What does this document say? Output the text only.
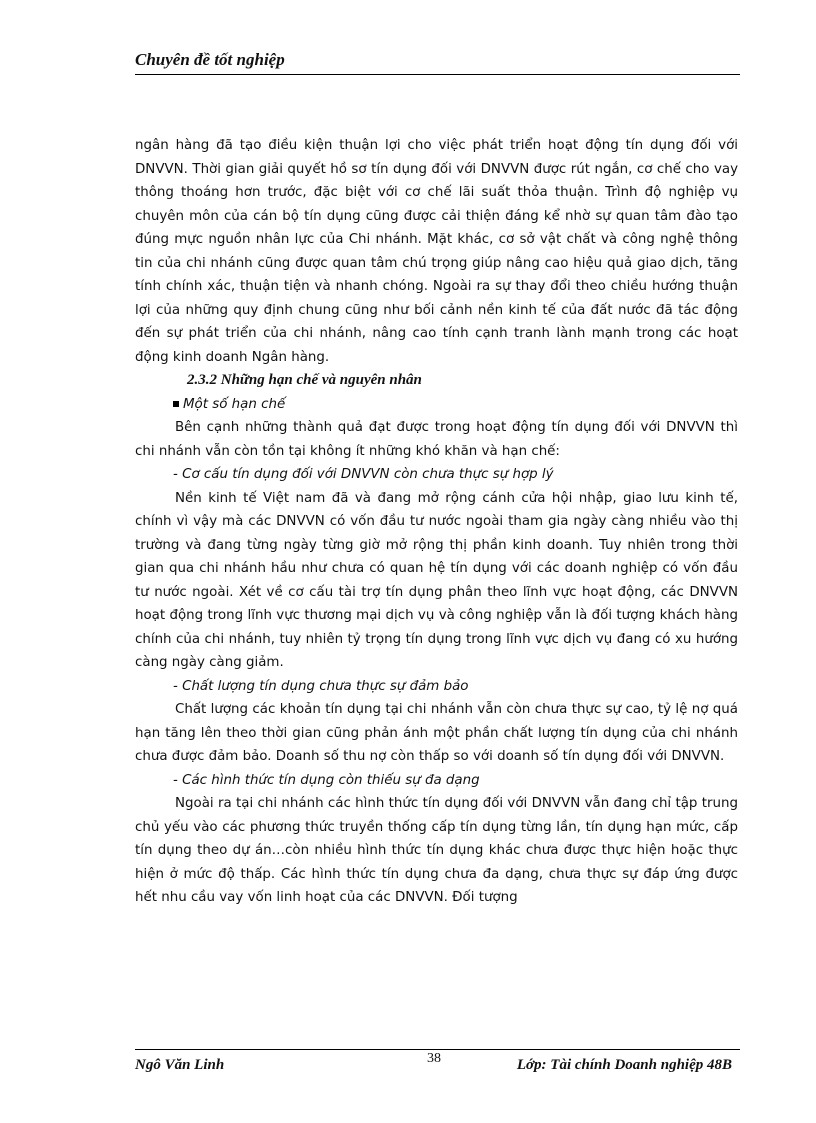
Chuyên đề tốt nghiệp

ngân hàng đã tạo điều kiện thuận lợi cho việc phát triển hoạt động tín dụng đối với DNVVN. Thời gian giải quyết hồ sơ tín dụng đối với DNVVN được rút ngắn, cơ chế cho vay thông thoáng hơn trước, đặc biệt với cơ chế lãi suất thỏa thuận. Trình độ nghiệp vụ chuyên môn của cán bộ tín dụng cũng được cải thiện đáng kể nhờ sự quan tâm đào tạo đúng mực nguồn nhân lực của Chi nhánh. Mặt khác, cơ sở vật chất và công nghệ thông tin của chi nhánh cũng được quan tâm chú trọng giúp nâng cao hiệu quả giao dịch, tăng tính chính xác, thuận tiện và nhanh chóng. Ngoài ra sự thay đổi theo chiều hướng thuận lợi của những quy định chung cũng như bối cảnh nền kinh tế của đất nước đã tác động đến sự phát triển của chi nhánh, nâng cao tính cạnh tranh lành mạnh trong các hoạt động kinh doanh Ngân hàng.

2.3.2 Những hạn chế và nguyên nhân

Một số hạn chế

Bên cạnh những thành quả đạt được trong hoạt động tín dụng đối với DNVVN thì chi nhánh vẫn còn tồn tại không ít những khó khăn và hạn chế:

- Cơ cấu tín dụng đối với DNVVN còn chưa thực sự hợp lý

Nền kinh tế Việt nam đã và đang mở rộng cánh cửa hội nhập, giao lưu kinh tế, chính vì vậy mà các DNVVN có vốn đầu tư nước ngoài tham gia ngày càng nhiều vào thị trường và đang từng ngày từng giờ mở rộng thị phần kinh doanh. Tuy nhiên trong thời gian qua chi nhánh hầu như chưa có quan hệ tín dụng với các doanh nghiệp có vốn đầu tư nước ngoài. Xét về cơ cấu tài trợ tín dụng phân theo lĩnh vực hoạt động, các DNVVN hoạt động trong lĩnh vực thương mại dịch vụ và công nghiệp vẫn là đối tượng khách hàng chính của chi nhánh, tuy nhiên tỷ trọng tín dụng trong lĩnh vực dịch vụ đang có xu hướng càng ngày càng giảm.

- Chất lượng tín dụng chưa thực sự đảm bảo

Chất lượng các khoản tín dụng tại chi nhánh vẫn còn chưa thực sự cao, tỷ lệ nợ quá hạn tăng lên theo thời gian cũng phản ánh một phần chất lượng tín dụng của chi nhánh chưa được đảm bảo. Doanh số thu nợ còn thấp so với doanh số tín dụng đối với DNVVN.

- Các hình thức tín dụng còn thiếu sự đa dạng

Ngoài ra tại chi nhánh các hình thức tín dụng đối với DNVVN vẫn đang chỉ tập trung chủ yếu vào các phương thức truyền thống cấp tín dụng từng lần, tín dụng hạn mức, cấp tín dụng theo dự án…còn nhiều hình thức tín dụng khác chưa được thực hiện hoặc thực hiện ở mức độ thấp. Các hình thức tín dụng chưa đa dạng, chưa thực sự đáp ứng được hết nhu cầu vay vốn linh hoạt của các DNVVN. Đối tượng

Ngô Văn Linh	38	Lớp: Tài chính Doanh nghiệp 48B
